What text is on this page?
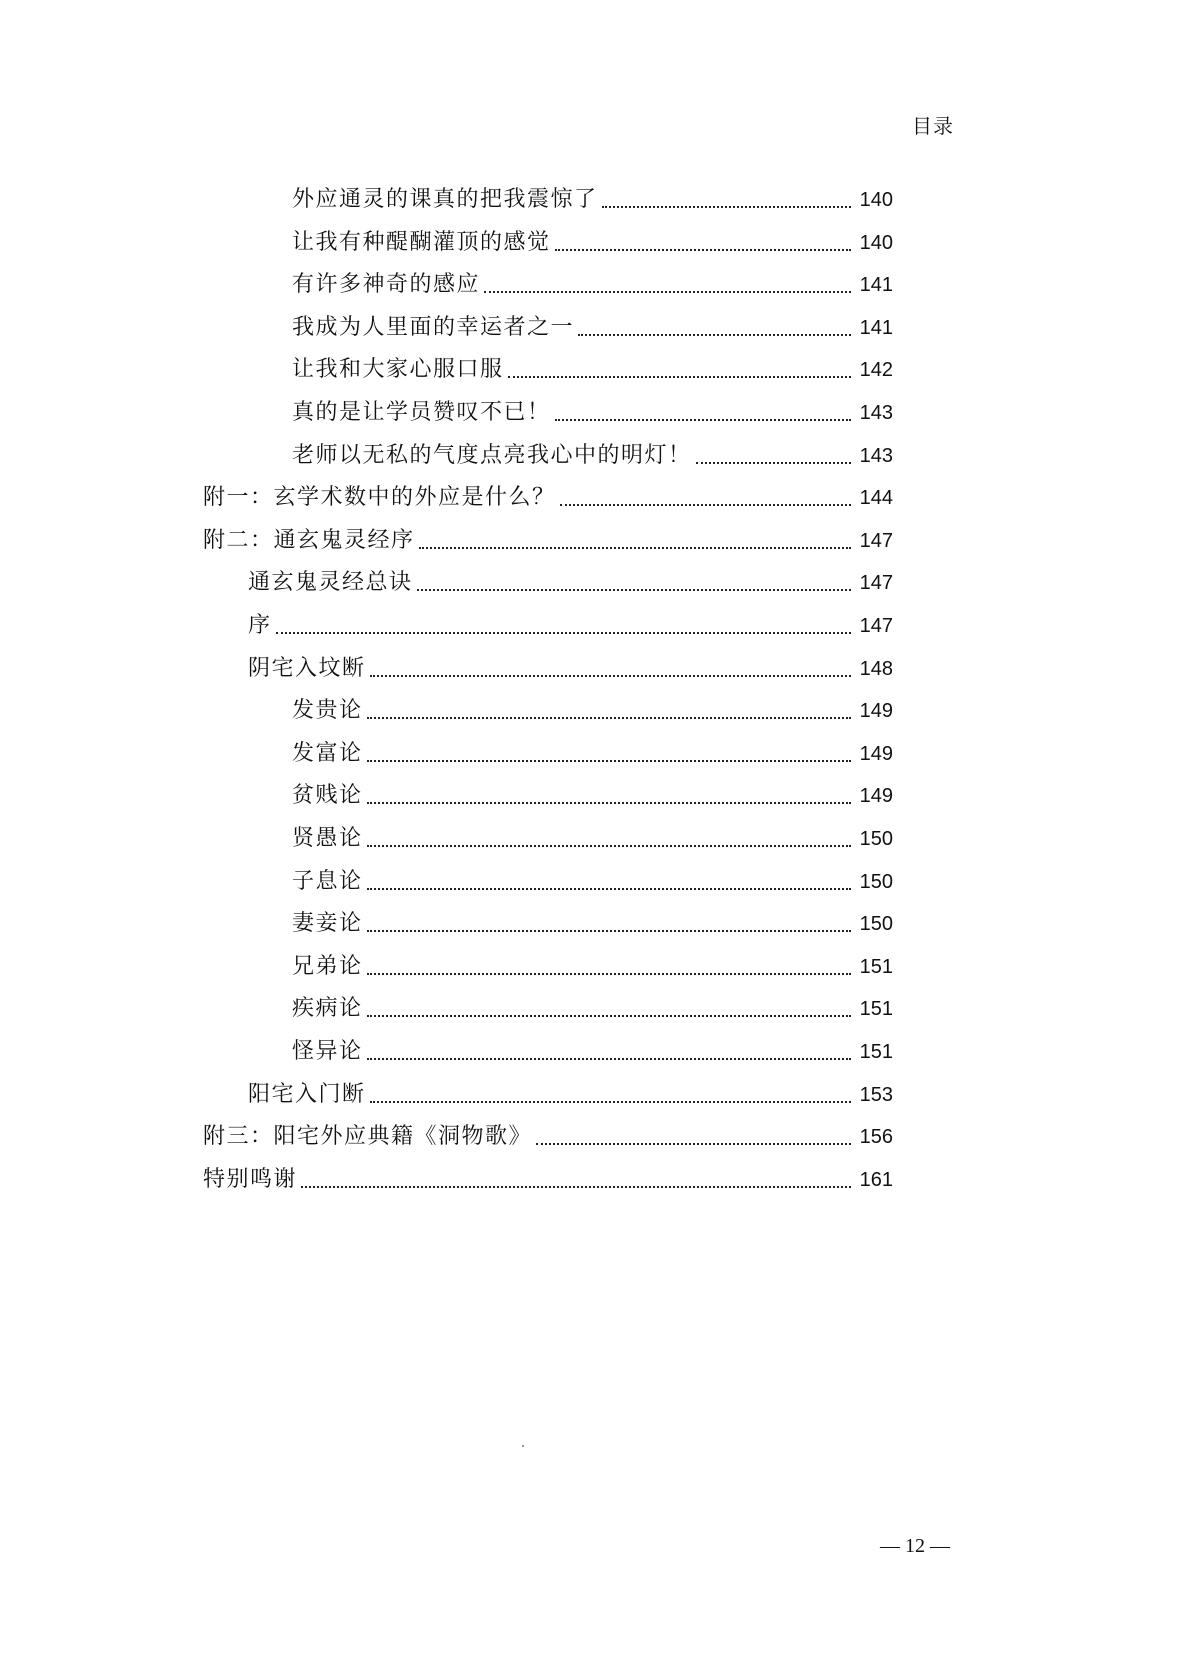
目录
外应通灵的课真的把我震惊了	140
让我有种醍醐灌顶的感觉	140
有许多神奇的感应	141
我成为人里面的幸运者之一	141
让我和大家心服口服	142
真的是让学员赞叹不已！	143
老师以无私的气度点亮我心中的明灯！	143
附一：玄学术数中的外应是什么？	144
附二：通玄鬼灵经序	147
通玄鬼灵经总诀	147
序	147
阴宅入坟断	148
发贵论	149
发富论	149
贫贱论	149
贤愚论	150
子息论	150
妻妾论	150
兄弟论	151
疾病论	151
怪异论	151
阳宅入门断	153
附三：阳宅外应典籍《洞物歌》	156
特别鸣谢	161
— 12 —
